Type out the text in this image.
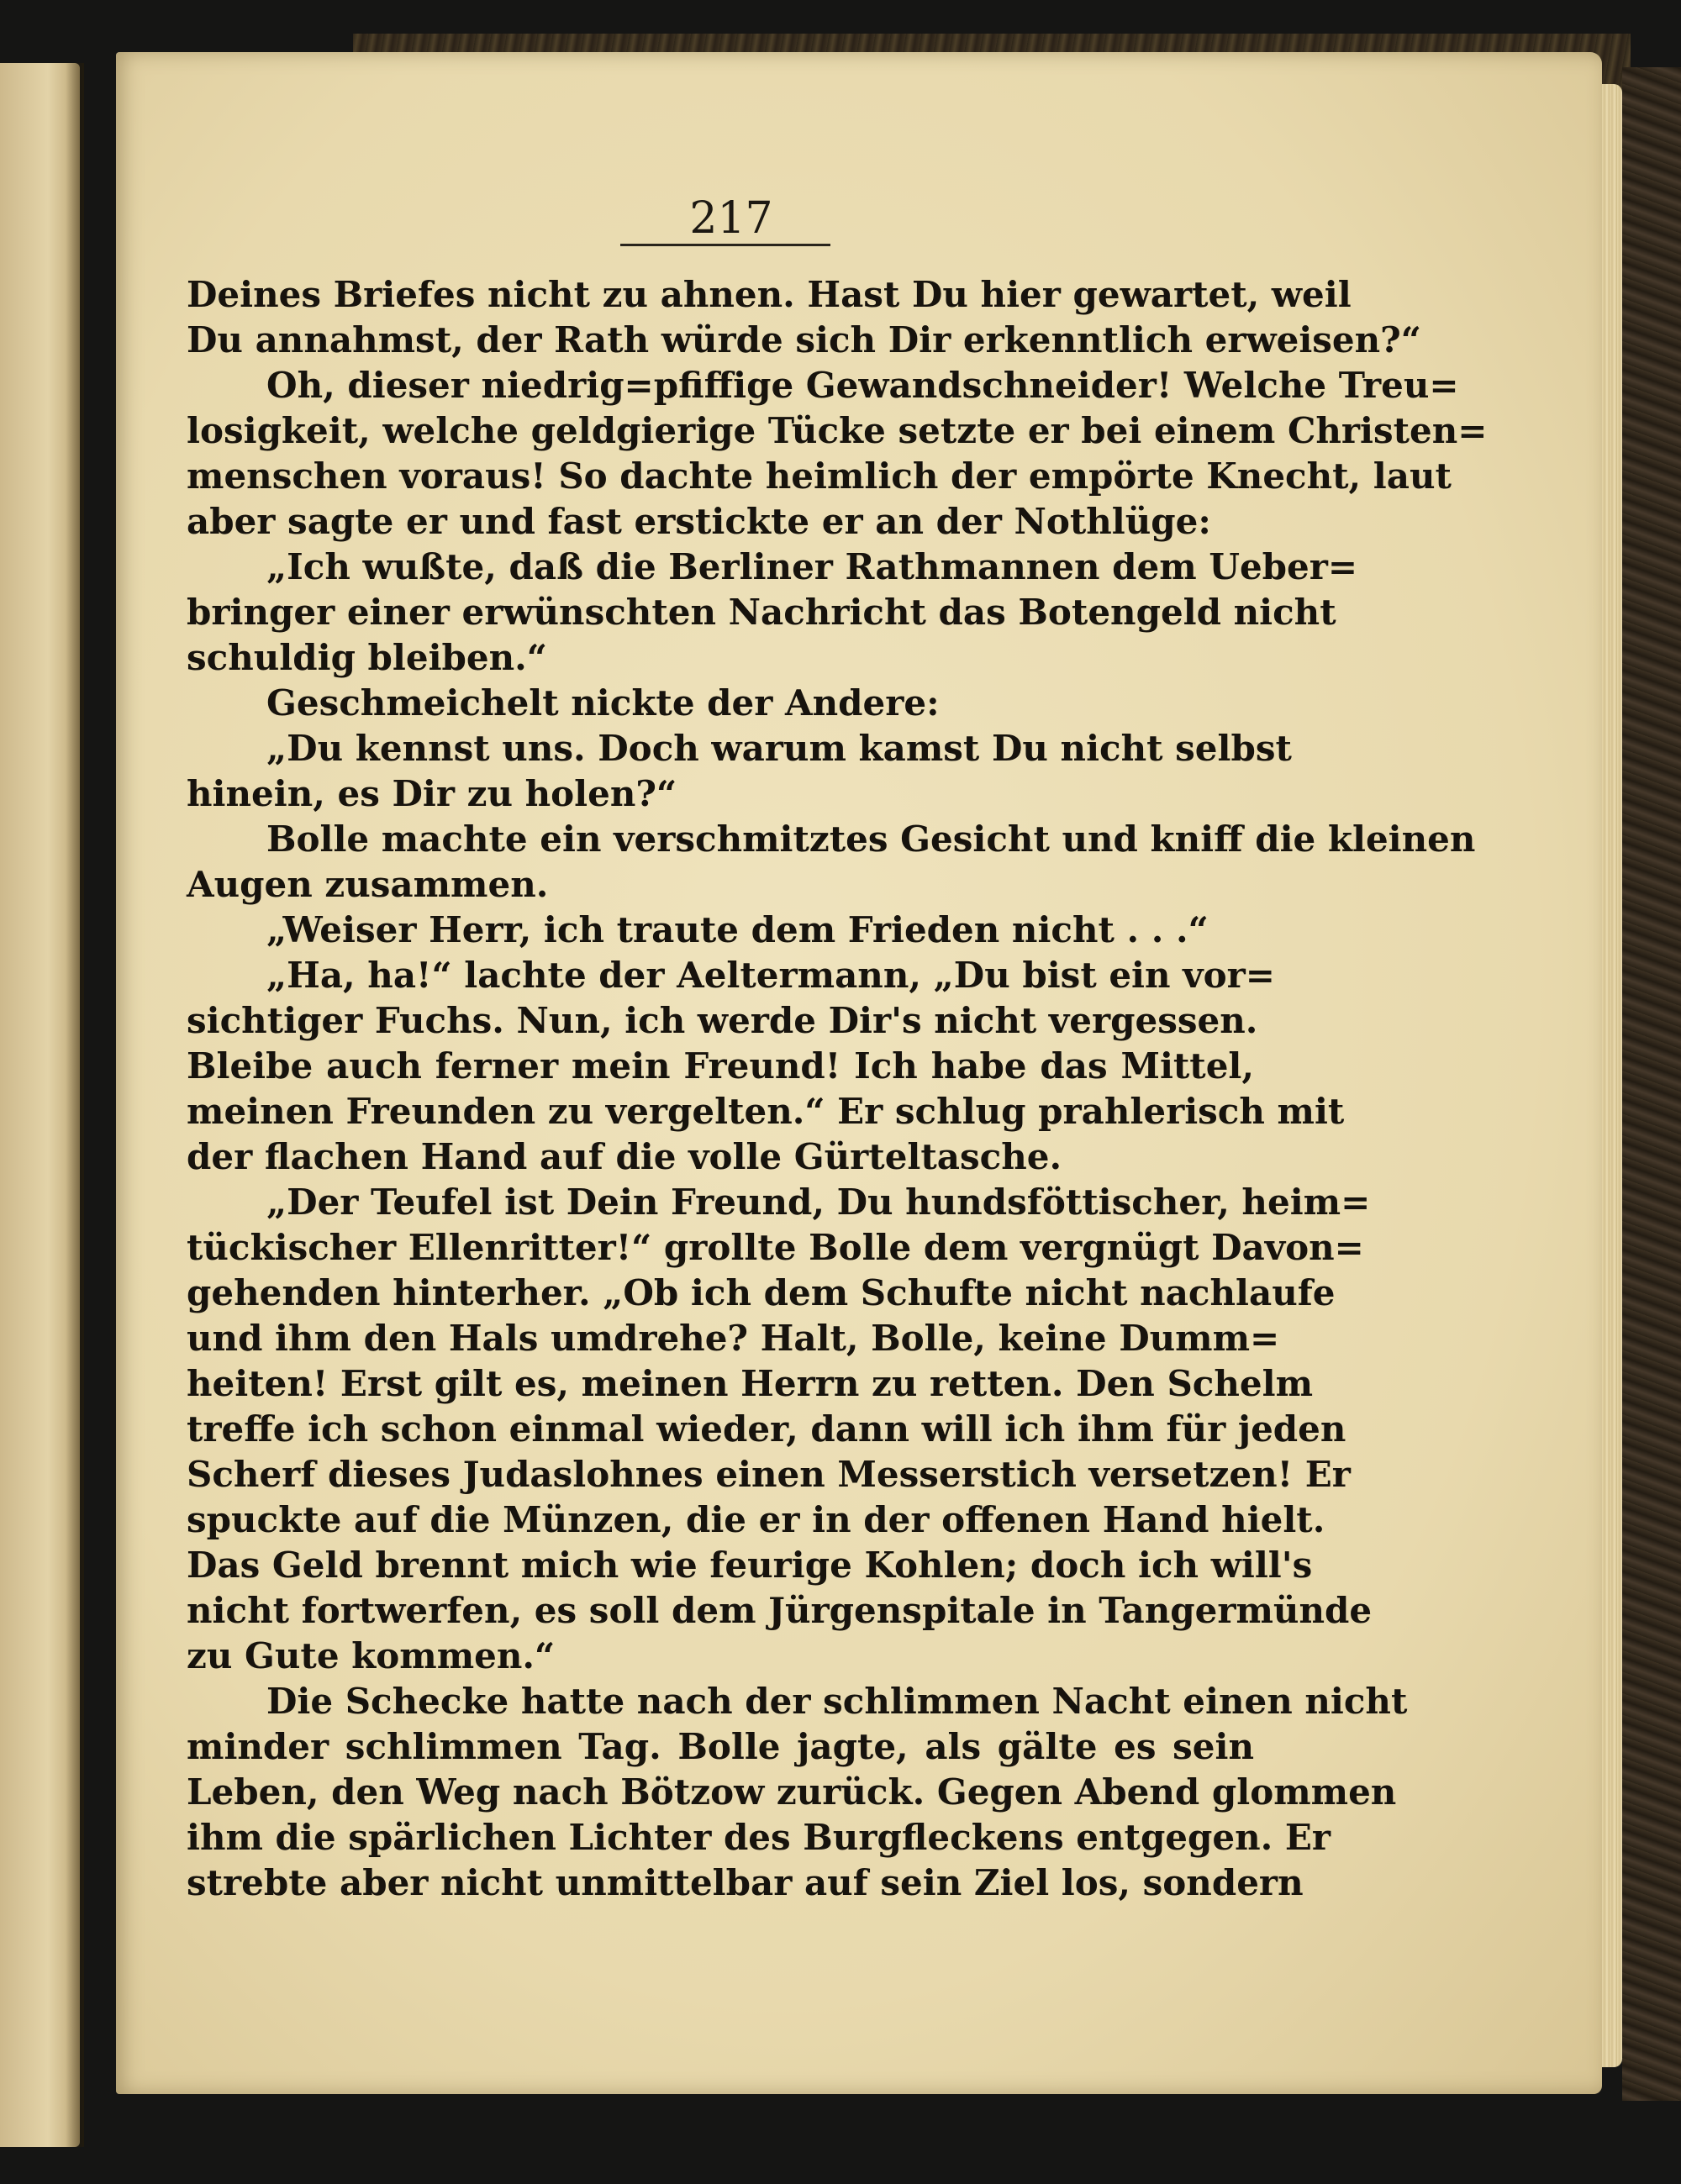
217
Deines Briefes nicht zu ahnen. Hast Du hier gewartet, weil
Du annahmst, der Rath würde sich Dir erkenntlich erweisen?“
Oh, dieser niedrig=pfiffige Gewandschneider! Welche Treu=
losigkeit, welche geldgierige Tücke setzte er bei einem Christen=
menschen voraus! So dachte heimlich der empörte Knecht, laut
aber sagte er und fast erstickte er an der Nothlüge:
„Ich wußte, daß die Berliner Rathmannen dem Ueber=
bringer einer erwünschten Nachricht das Botengeld nicht
schuldig bleiben.“
Geschmeichelt nickte der Andere:
„Du kennst uns. Doch warum kamst Du nicht selbst
hinein, es Dir zu holen?“
Bolle machte ein verschmitztes Gesicht und kniff die kleinen
Augen zusammen.
„Weiser Herr, ich traute dem Frieden nicht . . .“
„Ha, ha!“ lachte der Aeltermann, „Du bist ein vor=
sichtiger Fuchs. Nun, ich werde Dir's nicht vergessen.
Bleibe auch ferner mein Freund! Ich habe das Mittel,
meinen Freunden zu vergelten.“ Er schlug prahlerisch mit
der flachen Hand auf die volle Gürteltasche.
„Der Teufel ist Dein Freund, Du hundsföttischer, heim=
tückischer Ellenritter!“ grollte Bolle dem vergnügt Davon=
gehenden hinterher. „Ob ich dem Schufte nicht nachlaufe
und ihm den Hals umdrehe? Halt, Bolle, keine Dumm=
heiten! Erst gilt es, meinen Herrn zu retten. Den Schelm
treffe ich schon einmal wieder, dann will ich ihm für jeden
Scherf dieses Judaslohnes einen Messerstich versetzen! Er
spuckte auf die Münzen, die er in der offenen Hand hielt.
Das Geld brennt mich wie feurige Kohlen; doch ich will's
nicht fortwerfen, es soll dem Jürgenspitale in Tangermünde
zu Gute kommen.“
Die Schecke hatte nach der schlimmen Nacht einen nicht
minder schlimmen Tag. Bolle jagte, als gälte es sein
Leben, den Weg nach Bötzow zurück. Gegen Abend glommen
ihm die spärlichen Lichter des Burgfleckens entgegen. Er
strebte aber nicht unmittelbar auf sein Ziel los, sondern
